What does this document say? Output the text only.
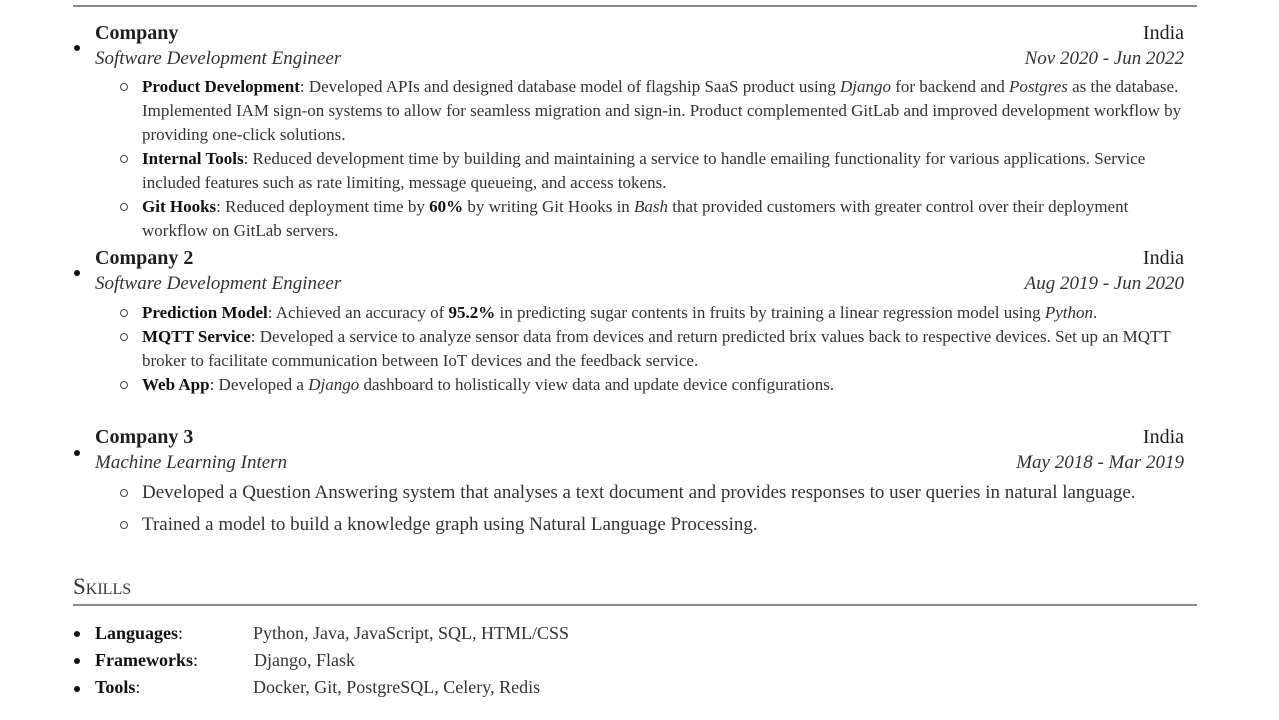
Company	India
Software Development Engineer	Nov 2020 - Jun 2022
Product Development: Developed APIs and designed database model of flagship SaaS product using Django for backend and Postgres as the database. Implemented IAM sign-on systems to allow for seamless migration and sign-in. Product complemented GitLab and improved development workflow by providing one-click solutions.
Internal Tools: Reduced development time by building and maintaining a service to handle emailing functionality for various applications. Service included features such as rate limiting, message queueing, and access tokens.
Git Hooks: Reduced deployment time by 60% by writing Git Hooks in Bash that provided customers with greater control over their deployment workflow on GitLab servers.
Company 2	India
Software Development Engineer	Aug 2019 - Jun 2020
Prediction Model: Achieved an accuracy of 95.2% in predicting sugar contents in fruits by training a linear regression model using Python.
MQTT Service: Developed a service to analyze sensor data from devices and return predicted brix values back to respective devices. Set up an MQTT broker to facilitate communication between IoT devices and the feedback service.
Web App: Developed a Django dashboard to holistically view data and update device configurations.
Company 3	India
Machine Learning Intern	May 2018 - Mar 2019
Developed a Question Answering system that analyses a text document and provides responses to user queries in natural language.
Trained a model to build a knowledge graph using Natural Language Processing.
Skills
Languages:	Python, Java, JavaScript, SQL, HTML/CSS
Frameworks:	Django, Flask
Tools:	Docker, Git, PostgreSQL, Celery, Redis
